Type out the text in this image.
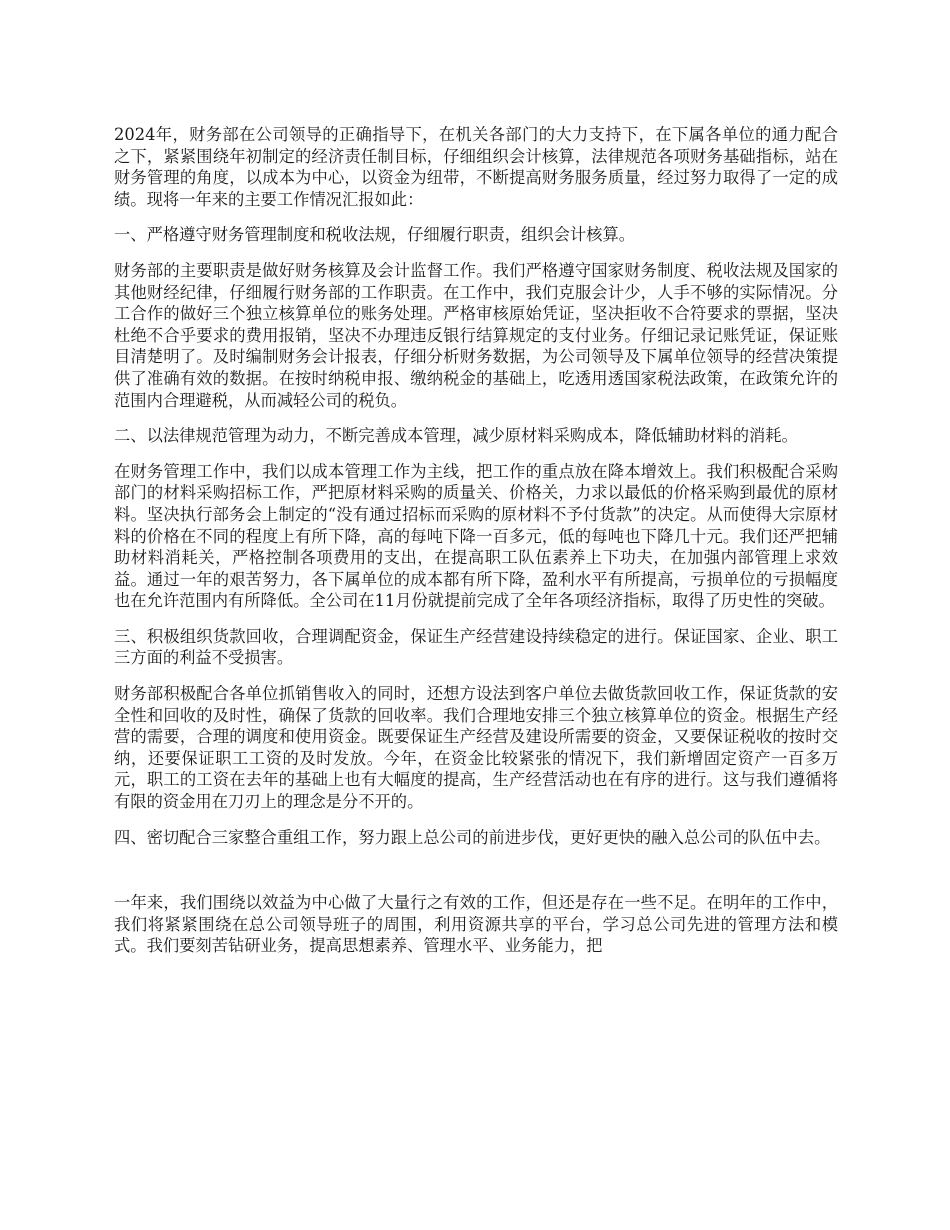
2024年，财务部在公司领导的正确指导下，在机关各部门的大力支持下，在下属各单位的通力配合之下，紧紧围绕年初制定的经济责任制目标，仔细组织会计核算，法律规范各项财务基础指标，站在财务管理的角度，以成本为中心，以资金为纽带，不断提高财务服务质量，经过努力取得了一定的成绩。现将一年来的主要工作情况汇报如此：

一、严格遵守财务管理制度和税收法规，仔细履行职责，组织会计核算。

财务部的主要职责是做好财务核算及会计监督工作。我们严格遵守国家财务制度、税收法规及国家的其他财经纪律，仔细履行财务部的工作职责。在工作中，我们克服会计少，人手不够的实际情况。分工合作的做好三个独立核算单位的账务处理。严格审核原始凭证，坚决拒收不合符要求的票据，坚决杜绝不合乎要求的费用报销，坚决不办理违反银行结算规定的支付业务。仔细记录记账凭证，保证账目清楚明了。及时编制财务会计报表，仔细分析财务数据，为公司领导及下属单位领导的经营决策提供了准确有效的数据。在按时纳税申报、缴纳税金的基础上，吃透用透国家税法政策，在政策允许的范围内合理避税，从而减轻公司的税负。

二、以法律规范管理为动力，不断完善成本管理，减少原材料采购成本，降低辅助材料的消耗。

在财务管理工作中，我们以成本管理工作为主线，把工作的重点放在降本增效上。我们积极配合采购部门的材料采购招标工作，严把原材料采购的质量关、价格关，力求以最低的价格采购到最优的原材料。坚决执行部务会上制定的“没有通过招标而采购的原材料不予付货款”的决定。从而使得大宗原材料的价格在不同的程度上有所下降，高的每吨下降一百多元，低的每吨也下降几十元。我们还严把辅助材料消耗关，严格控制各项费用的支出，在提高职工队伍素养上下功夫，在加强内部管理上求效益。通过一年的艰苦努力，各下属单位的成本都有所下降，盈利水平有所提高，亏损单位的亏损幅度也在允许范围内有所降低。全公司在11月份就提前完成了全年各项经济指标，取得了历史性的突破。

三、积极组织货款回收，合理调配资金，保证生产经营建设持续稳定的进行。保证国家、企业、职工三方面的利益不受损害。

财务部积极配合各单位抓销售收入的同时，还想方设法到客户单位去做货款回收工作，保证货款的安全性和回收的及时性，确保了货款的回收率。我们合理地安排三个独立核算单位的资金。根据生产经营的需要，合理的调度和使用资金。既要保证生产经营及建设所需要的资金，又要保证税收的按时交纳，还要保证职工工资的及时发放。今年，在资金比较紧张的情况下，我们新增固定资产一百多万元，职工的工资在去年的基础上也有大幅度的提高，生产经营活动也在有序的进行。这与我们遵循将有限的资金用在刀刃上的理念是分不开的。

四、密切配合三家整合重组工作，努力跟上总公司的前进步伐，更好更快的融入总公司的队伍中去。

一年来，我们围绕以效益为中心做了大量行之有效的工作，但还是存在一些不足。在明年的工作中，我们将紧紧围绕在总公司领导班子的周围，利用资源共享的平台，学习总公司先进的管理方法和模式。我们要刻苦钻研业务，提高思想素养、管理水平、业务能力，把
